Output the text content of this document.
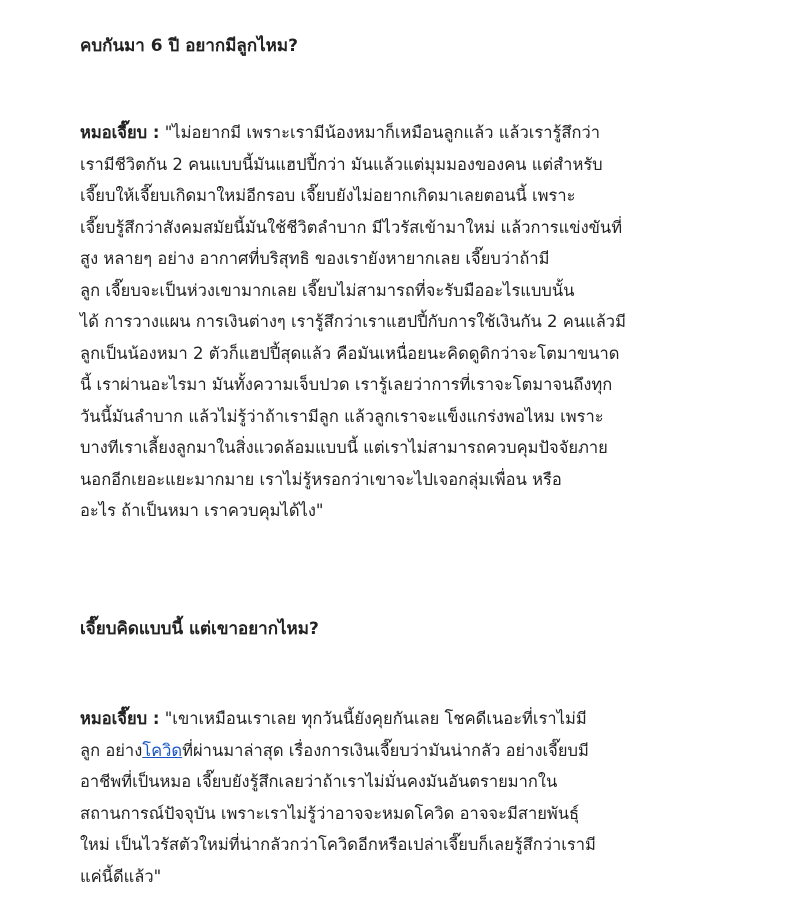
คบกันมา 6 ปี อยากมีลูกไหม?
หมอเจี๊ยบ : "ไม่อยากมี เพราะเรามีน้องหมาก็เหมือนลูกแล้ว แล้วเรารู้สึกว่า
เรามีชีวิตกัน 2 คนแบบนี้มันแฮปปี้กว่า มันแล้วแต่มุมมองของคน แต่สำหรับ
เจี๊ยบให้เจี๊ยบเกิดมาใหม่อีกรอบ เจี๊ยบยังไม่อยากเกิดมาเลยตอนนี้ เพราะ
เจี๊ยบรู้สึกว่าสังคมสมัยนี้มันใช้ชีวิตลำบาก มีไวรัสเข้ามาใหม่ แล้วการแข่งขันที่
สูง หลายๆ อย่าง อากาศที่บริสุทธิ ของเรายังหายากเลย เจี๊ยบว่าถ้ามี
ลูก เจี๊ยบจะเป็นห่วงเขามากเลย เจี๊ยบไม่สามารถที่จะรับมืออะไรแบบนั้น
ได้ การวางแผน การเงินต่างๆ เรารู้สึกว่าเราแฮปปี้กับการใช้เงินกัน 2 คนแล้วมี
ลูกเป็นน้องหมา 2 ตัวก็แฮปปี้สุดแล้ว คือมันเหนื่อยนะคิดดูดิกว่าจะโตมาขนาด
นี้ เราผ่านอะไรมา มันทั้งความเจ็บปวด เรารู้เลยว่าการที่เราจะโตมาจนถึงทุก
วันนี้มันลำบาก แล้วไม่รู้ว่าถ้าเรามีลูก แล้วลูกเราจะแข็งแกร่งพอไหม เพราะ
บางทีเราเลี้ยงลูกมาในสิ่งแวดล้อมแบบนี้ แต่เราไม่สามารถควบคุมปัจจัยภาย
นอกอีกเยอะแยะมากมาย เราไม่รู้หรอกว่าเขาจะไปเจอกลุ่มเพื่อน หรือ
อะไร ถ้าเป็นหมา เราควบคุมได้ไง"
เจี๊ยบคิดแบบนี้ แต่เขาอยากไหม?
หมอเจี๊ยบ : "เขาเหมือนเราเลย ทุกวันนี้ยังคุยกันเลย โชคดีเนอะที่เราไม่มี
ลูก อย่างโควิดที่ผ่านมาล่าสุด เรื่องการเงินเจี๊ยบว่ามันน่ากลัว อย่างเจี๊ยบมี
อาชีพที่เป็นหมอ เจี๊ยบยังรู้สึกเลยว่าถ้าเราไม่มั่นคงมันอันตรายมากใน
สถานการณ์ปัจจุบัน เพราะเราไม่รู้ว่าอาจจะหมดโควิด อาจจะมีสายพันธุ์
ใหม่ เป็นไวรัสตัวใหม่ที่น่ากลัวกว่าโควิดอีกหรือเปล่าเจี๊ยบก็เลยรู้สึกว่าเรามี
แค่นี้ดีแล้ว"
